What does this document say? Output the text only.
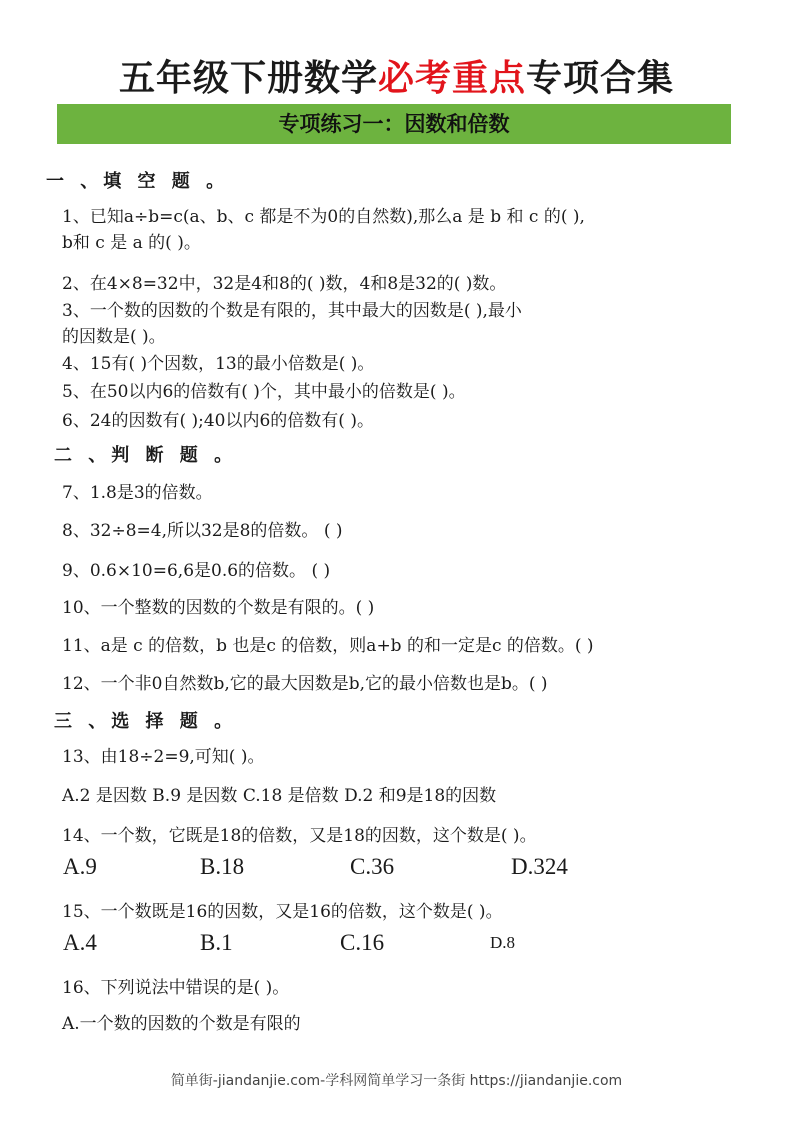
五年级下册数学必考重点专项合集
专项练习一：因数和倍数
一 、填 空 题 。
1、已知a÷b=c(a、b、c 都是不为0的自然数),那么a 是 b 和 c 的( ),
b和 c 是 a 的( )。
2、在4×8=32中，32是4和8的( )数，4和8是32的( )数。
3、一个数的因数的个数是有限的，其中最大的因数是( ),最小
的因数是( )。
4、15有( )个因数，13的最小倍数是( )。
5、在50以内6的倍数有( )个，其中最小的倍数是( )。
6、24的因数有( );40以内6的倍数有( )。
二 、判 断 题 。
7、1.8是3的倍数。
8、32÷8=4,所以32是8的倍数。 ( )
9、0.6×10=6,6是0.6的倍数。 ( )
10、一个整数的因数的个数是有限的。( )
11、a是 c 的倍数，b 也是c 的倍数，则a+b 的和一定是c 的倍数。( )
12、一个非0自然数b,它的最大因数是b,它的最小倍数也是b。( )
三 、选 择 题 。
13、由18÷2=9,可知( )。
A.2 是因数 B.9 是因数 C.18 是倍数 D.2 和9是18的因数
14、一个数，它既是18的倍数，又是18的因数，这个数是( )。
A.9	B.18	C.36	D.324
15、一个数既是16的因数，又是16的倍数，这个数是( )。
A.4	B.1	C.16	D.8
16、下列说法中错误的是( )。
A.一个数的因数的个数是有限的
简单街-jiandanjie.com-学科网简单学习一条街 https://jiandanjie.com
